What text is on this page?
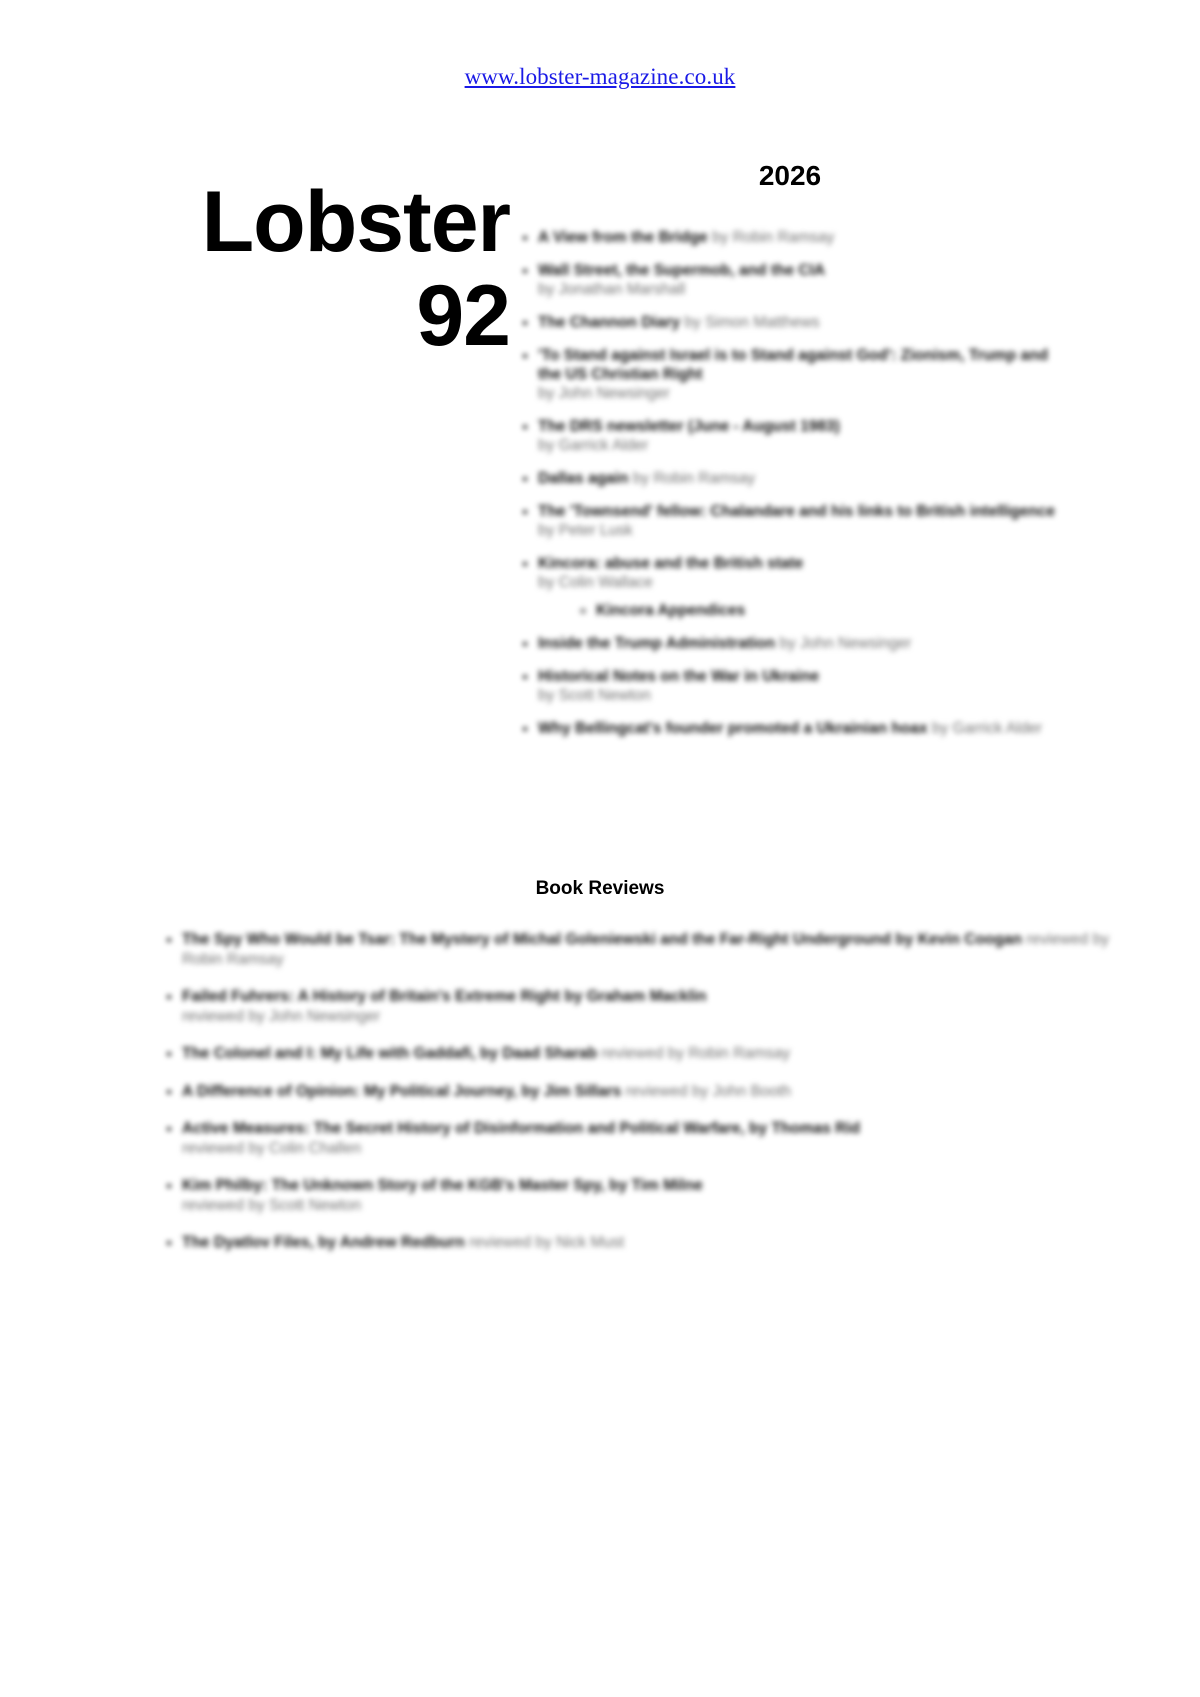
www.lobster-magazine.co.uk
Lobster
92
2026
• A View from the Bridge by Robin Ramsay
• Wall Street, the Supermob, and the CIA
by Jonathan Marshall
• The Channon Diary by Simon Matthews
• 'To Stand against Israel is to Stand against God': Zionism, Trump and the US Christian Right
by John Newsinger
• The DRS newsletter (June - August 1983)
by Garrick Alder
• Dallas again by Robin Ramsay
• The 'Townsend' fellow: Chalandare and his links to British intelligence by Peter Lusk
• Kincora: abuse and the British state
by Colin Wallace
◦ Kincora Appendices
• Inside the Trump Administration by John Newsinger
• Historical Notes on the War in Ukraine
by Scott Newton
• Why Bellingcat's founder promoted a Ukrainian hoax by Garrick Alder
Book Reviews
• The Spy Who Would be Tsar: The Mystery of Michal Goleniewski and the Far-Right Underground by Kevin Coogan reviewed by Robin Ramsay
• Failed Fuhrers: A History of Britain's Extreme Right by Graham Macklin
reviewed by John Newsinger
• The Colonel and I: My Life with Gaddafi, by Daad Sharab reviewed by Robin Ramsay
• A Difference of Opinion: My Political Journey, by Jim Sillars reviewed by John Booth
• Active Measures: The Secret History of Disinformation and Political Warfare, by Thomas Rid
reviewed by Colin Challen
• Kim Philby: The Unknown Story of the KGB's Master Spy, by Tim Milne
reviewed by Scott Newton
• The Dyatlov Files, by Andrew Redburn reviewed by Nick Must
